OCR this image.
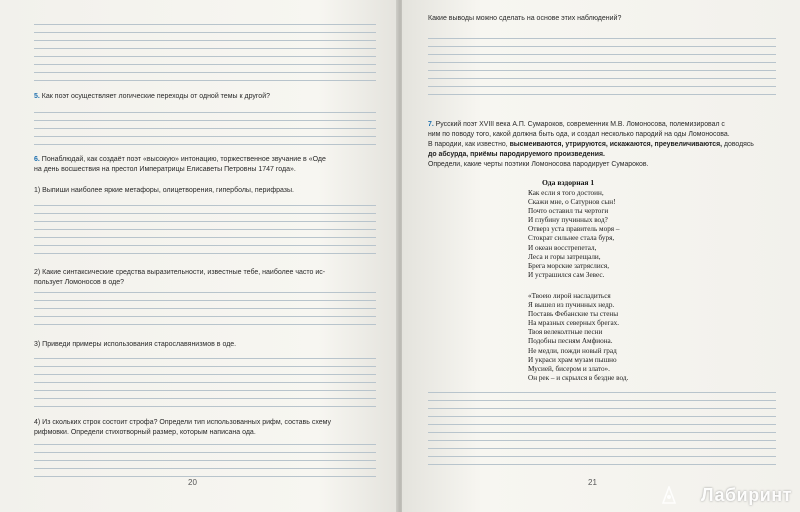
5. Как поэт осуществляет логические переходы от одной темы к другой?
6. Понаблюдай, как создаёт поэт «высокую» интонацию, торжественное звучание в «Оде
на день восшествия на престол Императрицы Елисаветы Петровны 1747 года».
1) Выпиши наиболее яркие метафоры, олицетворения, гиперболы, перифразы.
2) Какие синтаксические средства выразительности, известные тебе, наиболее часто ис-
пользует Ломоносов в оде?
3) Приведи примеры использования старославянизмов в оде.
4) Из скольких строк состоит строфа? Определи тип использованных рифм, составь схему
рифмовки. Определи стихотворный размер, которым написана ода.
20
Какие выводы можно сделать на основе этих наблюдений?
7. Русский поэт XVIII века А.П. Сумароков, современник М.В. Ломоносова, полемизировал с
ним по поводу того, какой должна быть ода, и создал несколько пародий на оды Ломоносова.
В пародии, как известно, высмеиваются, утрируются, искажаются, преувеличиваются, доводясь
до абсурда, приёмы пародируемого произведения.
Определи, какие черты поэтики Ломоносова пародирует Сумароков.
Ода вздорная 1
Как если я того достоин,
Скажи мне, о Сатурнов сын!
Почто оставил ты чертоги
И глубину пучинных вод?
Отверз уста правитель моря –
Стократ сильнее стала буря,
И океан восстрепетал,
Леса и горы затрещали,
Брега морские затряслися,
И устрашился сам Зевес.
«Твоею лирой насладиться
Я вышел из пучинных недр.
Поставь Фебанские ты стены
На мразных северных брегах.
Твоя велеколтные песни
Подобны песням Амфиона.
Не медли, пожди новый град
И украси храм музам пышно
Мусией, бисером и злато».
Он рек – и скрылся в бездне вод.
21
Лабиринт
